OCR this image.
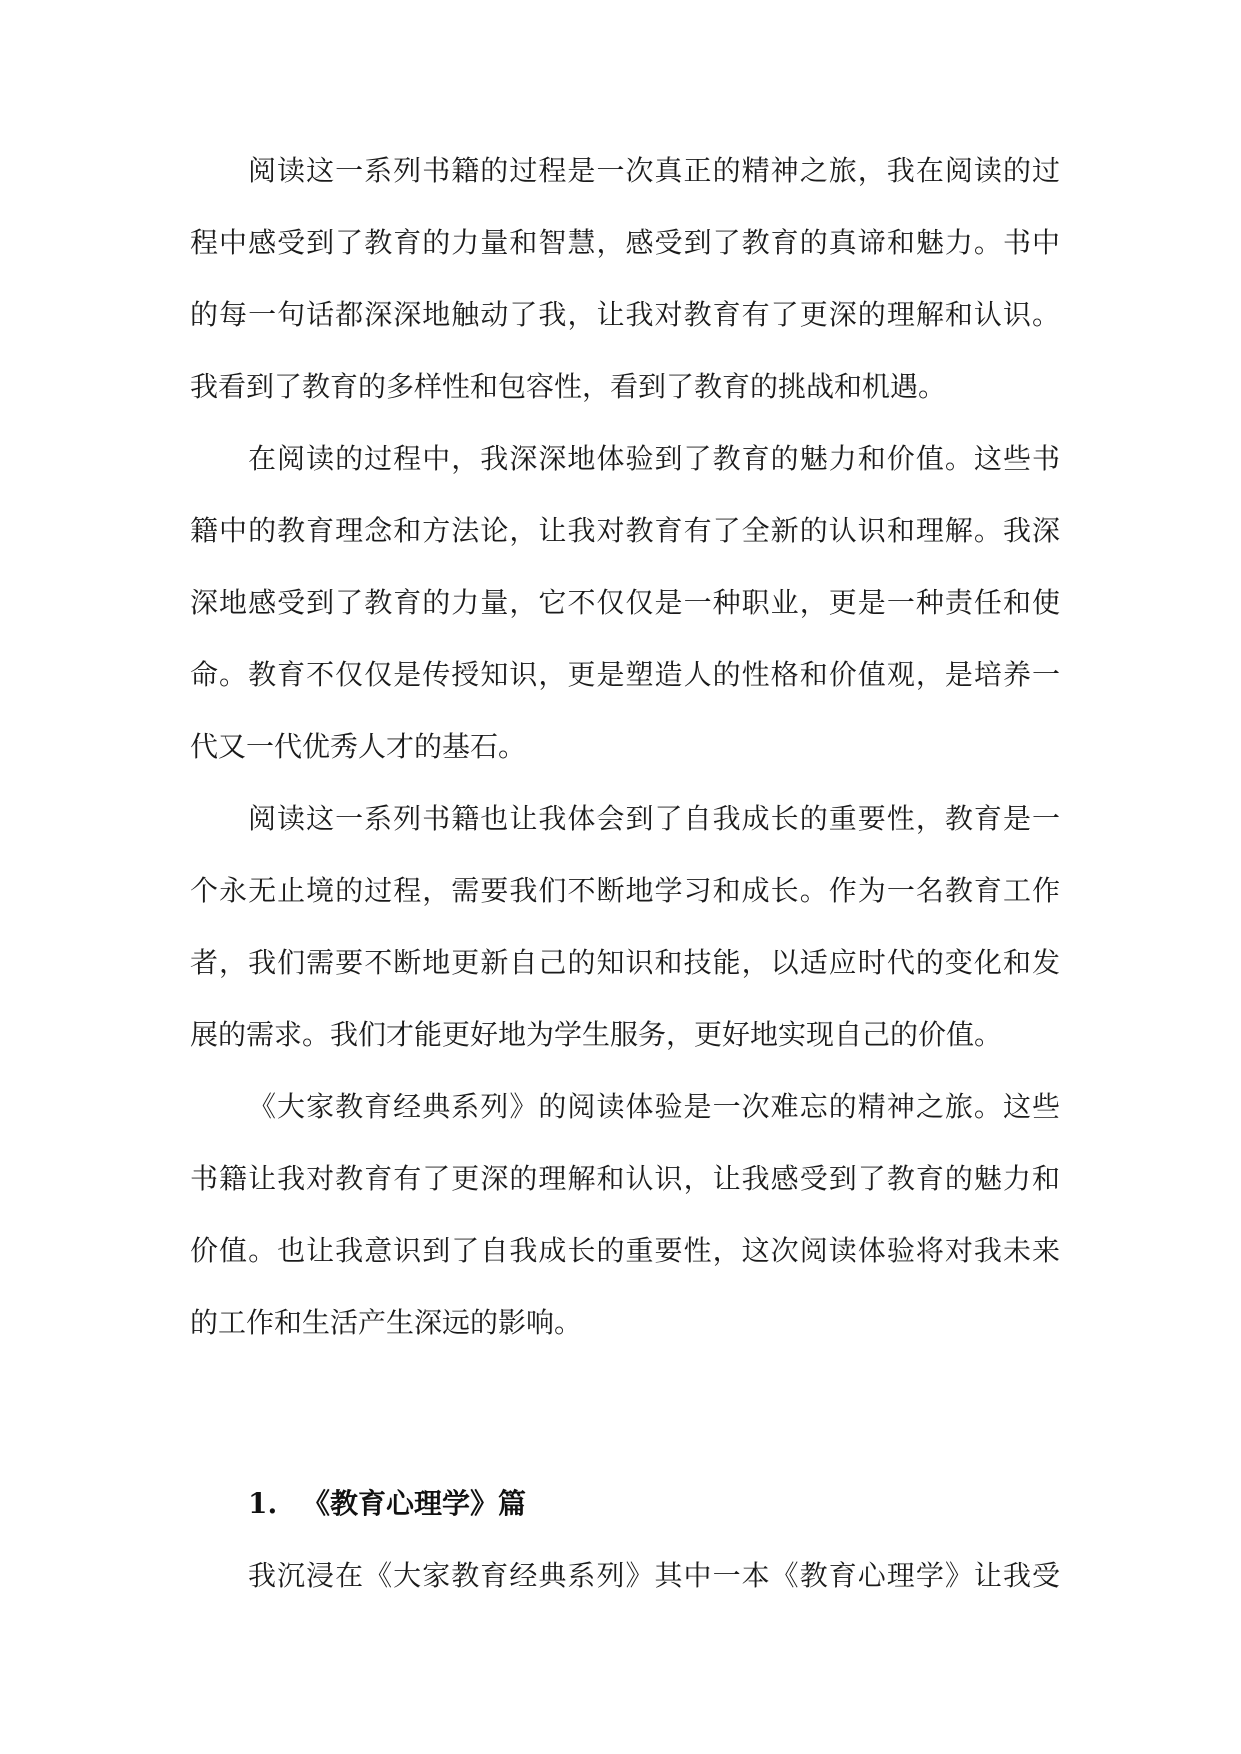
阅读这一系列书籍的过程是一次真正的精神之旅，我在阅读的过
程中感受到了教育的力量和智慧，感受到了教育的真谛和魅力。书中
的每一句话都深深地触动了我，让我对教育有了更深的理解和认识。
我看到了教育的多样性和包容性，看到了教育的挑战和机遇。
在阅读的过程中，我深深地体验到了教育的魅力和价值。这些书
籍中的教育理念和方法论，让我对教育有了全新的认识和理解。我深
深地感受到了教育的力量，它不仅仅是一种职业，更是一种责任和使
命。教育不仅仅是传授知识，更是塑造人的性格和价值观，是培养一
代又一代优秀人才的基石。
阅读这一系列书籍也让我体会到了自我成长的重要性，教育是一
个永无止境的过程，需要我们不断地学习和成长。作为一名教育工作
者，我们需要不断地更新自己的知识和技能，以适应时代的变化和发
展的需求。我们才能更好地为学生服务，更好地实现自己的价值。
《大家教育经典系列》的阅读体验是一次难忘的精神之旅。这些
书籍让我对教育有了更深的理解和认识，让我感受到了教育的魅力和
价值。也让我意识到了自我成长的重要性，这次阅读体验将对我未来
的工作和生活产生深远的影响。
1. 《教育心理学》篇
我沉浸在《大家教育经典系列》其中一本《教育心理学》让我受
